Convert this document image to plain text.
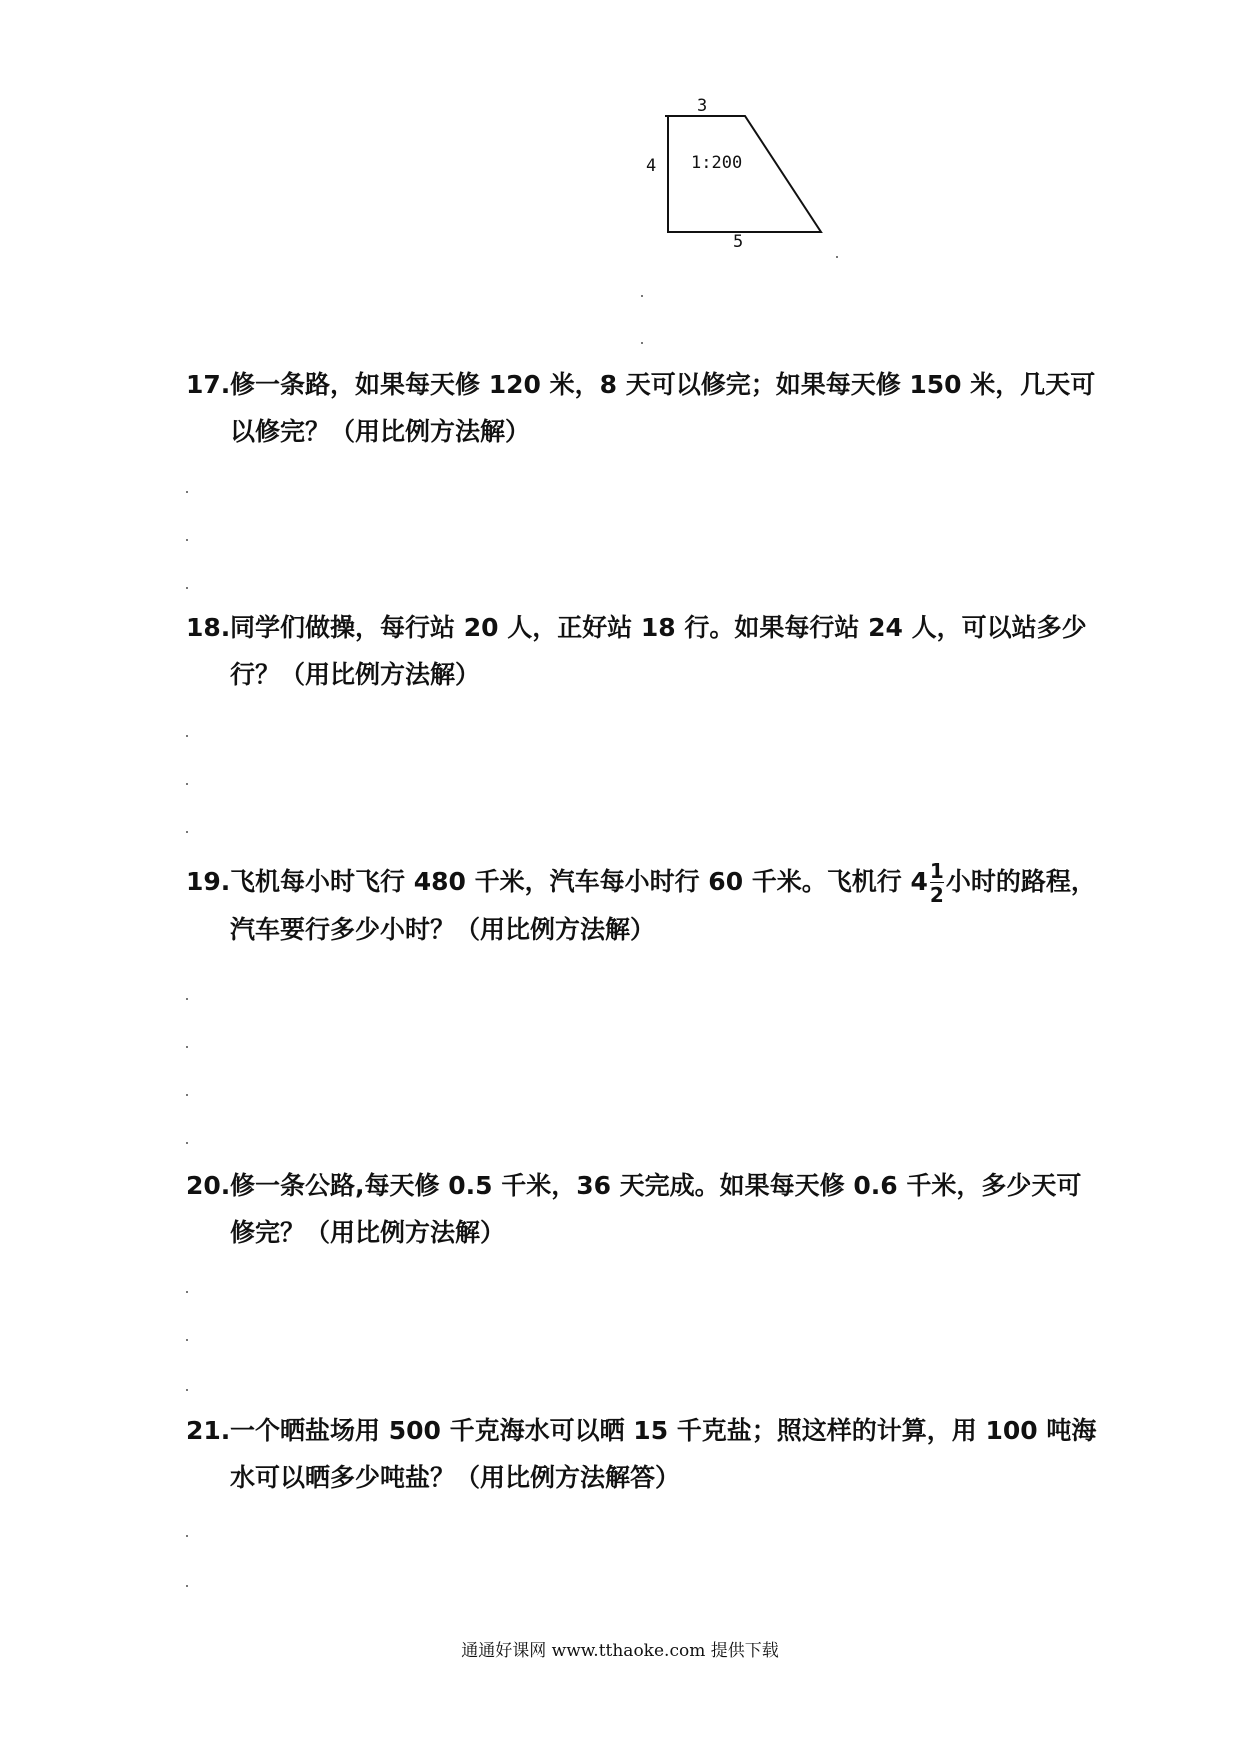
3
4 1:200
5
17. 修一条路，如果每天修 120 米，8 天可以修完；如果每天修 150 米，几天可
以修完？（用比例方法解）
18. 同学们做操，每行站 20 人，正好站 18 行。如果每行站 24 人，可以站多少
行？（用比例方法解）
19. 飞机每小时飞行 480 千米，汽车每小时行 60 千米。飞机行 $4 \frac{1}{2}$ 小时的路程，
汽车要行多少小时？（用比例方法解）
20. 修一条公路,每天修 0.5 千米，36 天完成。如果每天修 0.6 千米，多少天可
修完？（用比例方法解）
21. 一个晒盐场用 500 千克海水可以晒 15 千克盐；照这样的计算，用 100 吨海
水可以晒多少吨盐？（用比例方法解答）
通通好课网 www.tthaoke.com 提供下载
